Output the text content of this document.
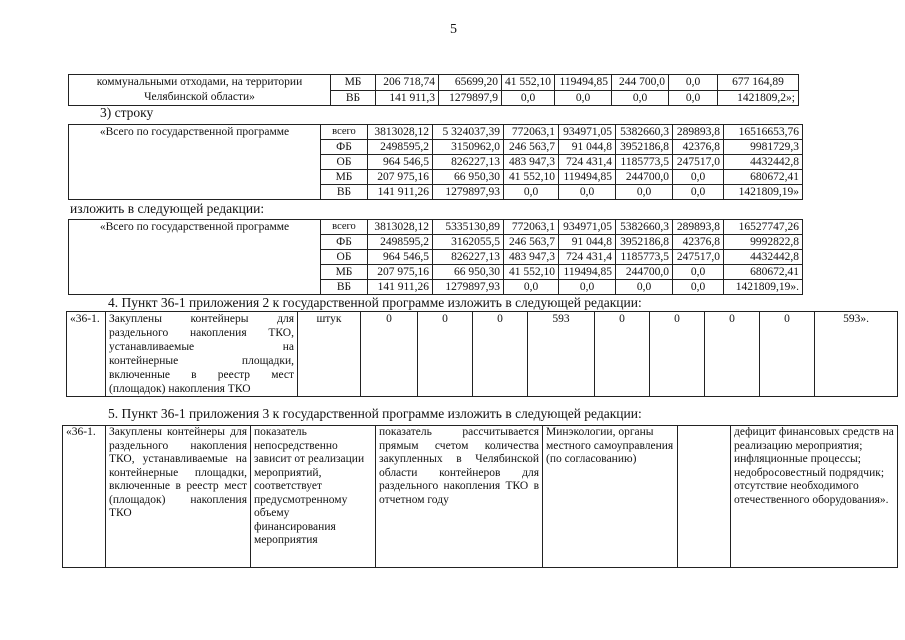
5
коммунальными отходами, на территории
Челябинской области»	МБ	206 718,74	65699,20	41 552,10	119494,85	244 700,0	0,0	677 164,89
	ВБ	141 911,3	1279897,9	0,0	0,0	0,0	0,0	1421809,2»;
3) строку
«Всего по государственной программе	всего	3813028,12	5 324037,39	772063,1	934971,05	5382660,3	289893,8	16516653,76
	ФБ	2498595,2	3150962,0	246 563,7	91 044,8	3952186,8	42376,8	9981729,3
	ОБ	964 546,5	826227,13	483 947,3	724 431,4	1185773,5	247517,0	4432442,8
	МБ	207 975,16	66 950,30	41 552,10	119494,85	244700,0	0,0	680672,41
	ВБ	141 911,26	1279897,93	0,0	0,0	0,0	0,0	1421809,19»
изложить в следующей редакции:
«Всего по государственной программе	всего	3813028,12	5335130,89	772063,1	934971,05	5382660,3	289893,8	16527747,26
	ФБ	2498595,2	3162055,5	246 563,7	91 044,8	3952186,8	42376,8	9992822,8
	ОБ	964 546,5	826227,13	483 947,3	724 431,4	1185773,5	247517,0	4432442,8
	МБ	207 975,16	66 950,30	41 552,10	119494,85	244700,0	0,0	680672,41
	ВБ	141 911,26	1279897,93	0,0	0,0	0,0	0,0	1421809,19».
4. Пункт 36-1 приложения 2 к государственной программе изложить в следующей редакции:
«36-1.	Закуплены контейнеры для
раздельного накопления ТКО,
устанавливаемые на
контейнерные площадки,
включенные в реестр мест
(площадок) накопления ТКО
	штук	0	0	0	593	0	0	0	0	593».
5. Пункт 36-1 приложения 3 к государственной программе изложить в следующей редакции:
«36-1.	Закуплены контейнеры для раздельного накопления ТКО, устанавливаемые на контейнерные площадки, включенные в реестр мест (площадок) накопления ТКО	показатель непосредственно зависит от реализации мероприятий, соответствует предусмотренному объему финансирования мероприятия	показатель рассчитывается прямым счетом количества закупленных в Челябинской области контейнеров для раздельного накопления ТКО в отчетном году	Минэкологии, органы местного самоуправления (по согласованию)		дефицит финансовых средств на реализацию мероприятия; инфляционные процессы; недобросовестный подрядчик; отсутствие необходимого отечественного оборудования».
